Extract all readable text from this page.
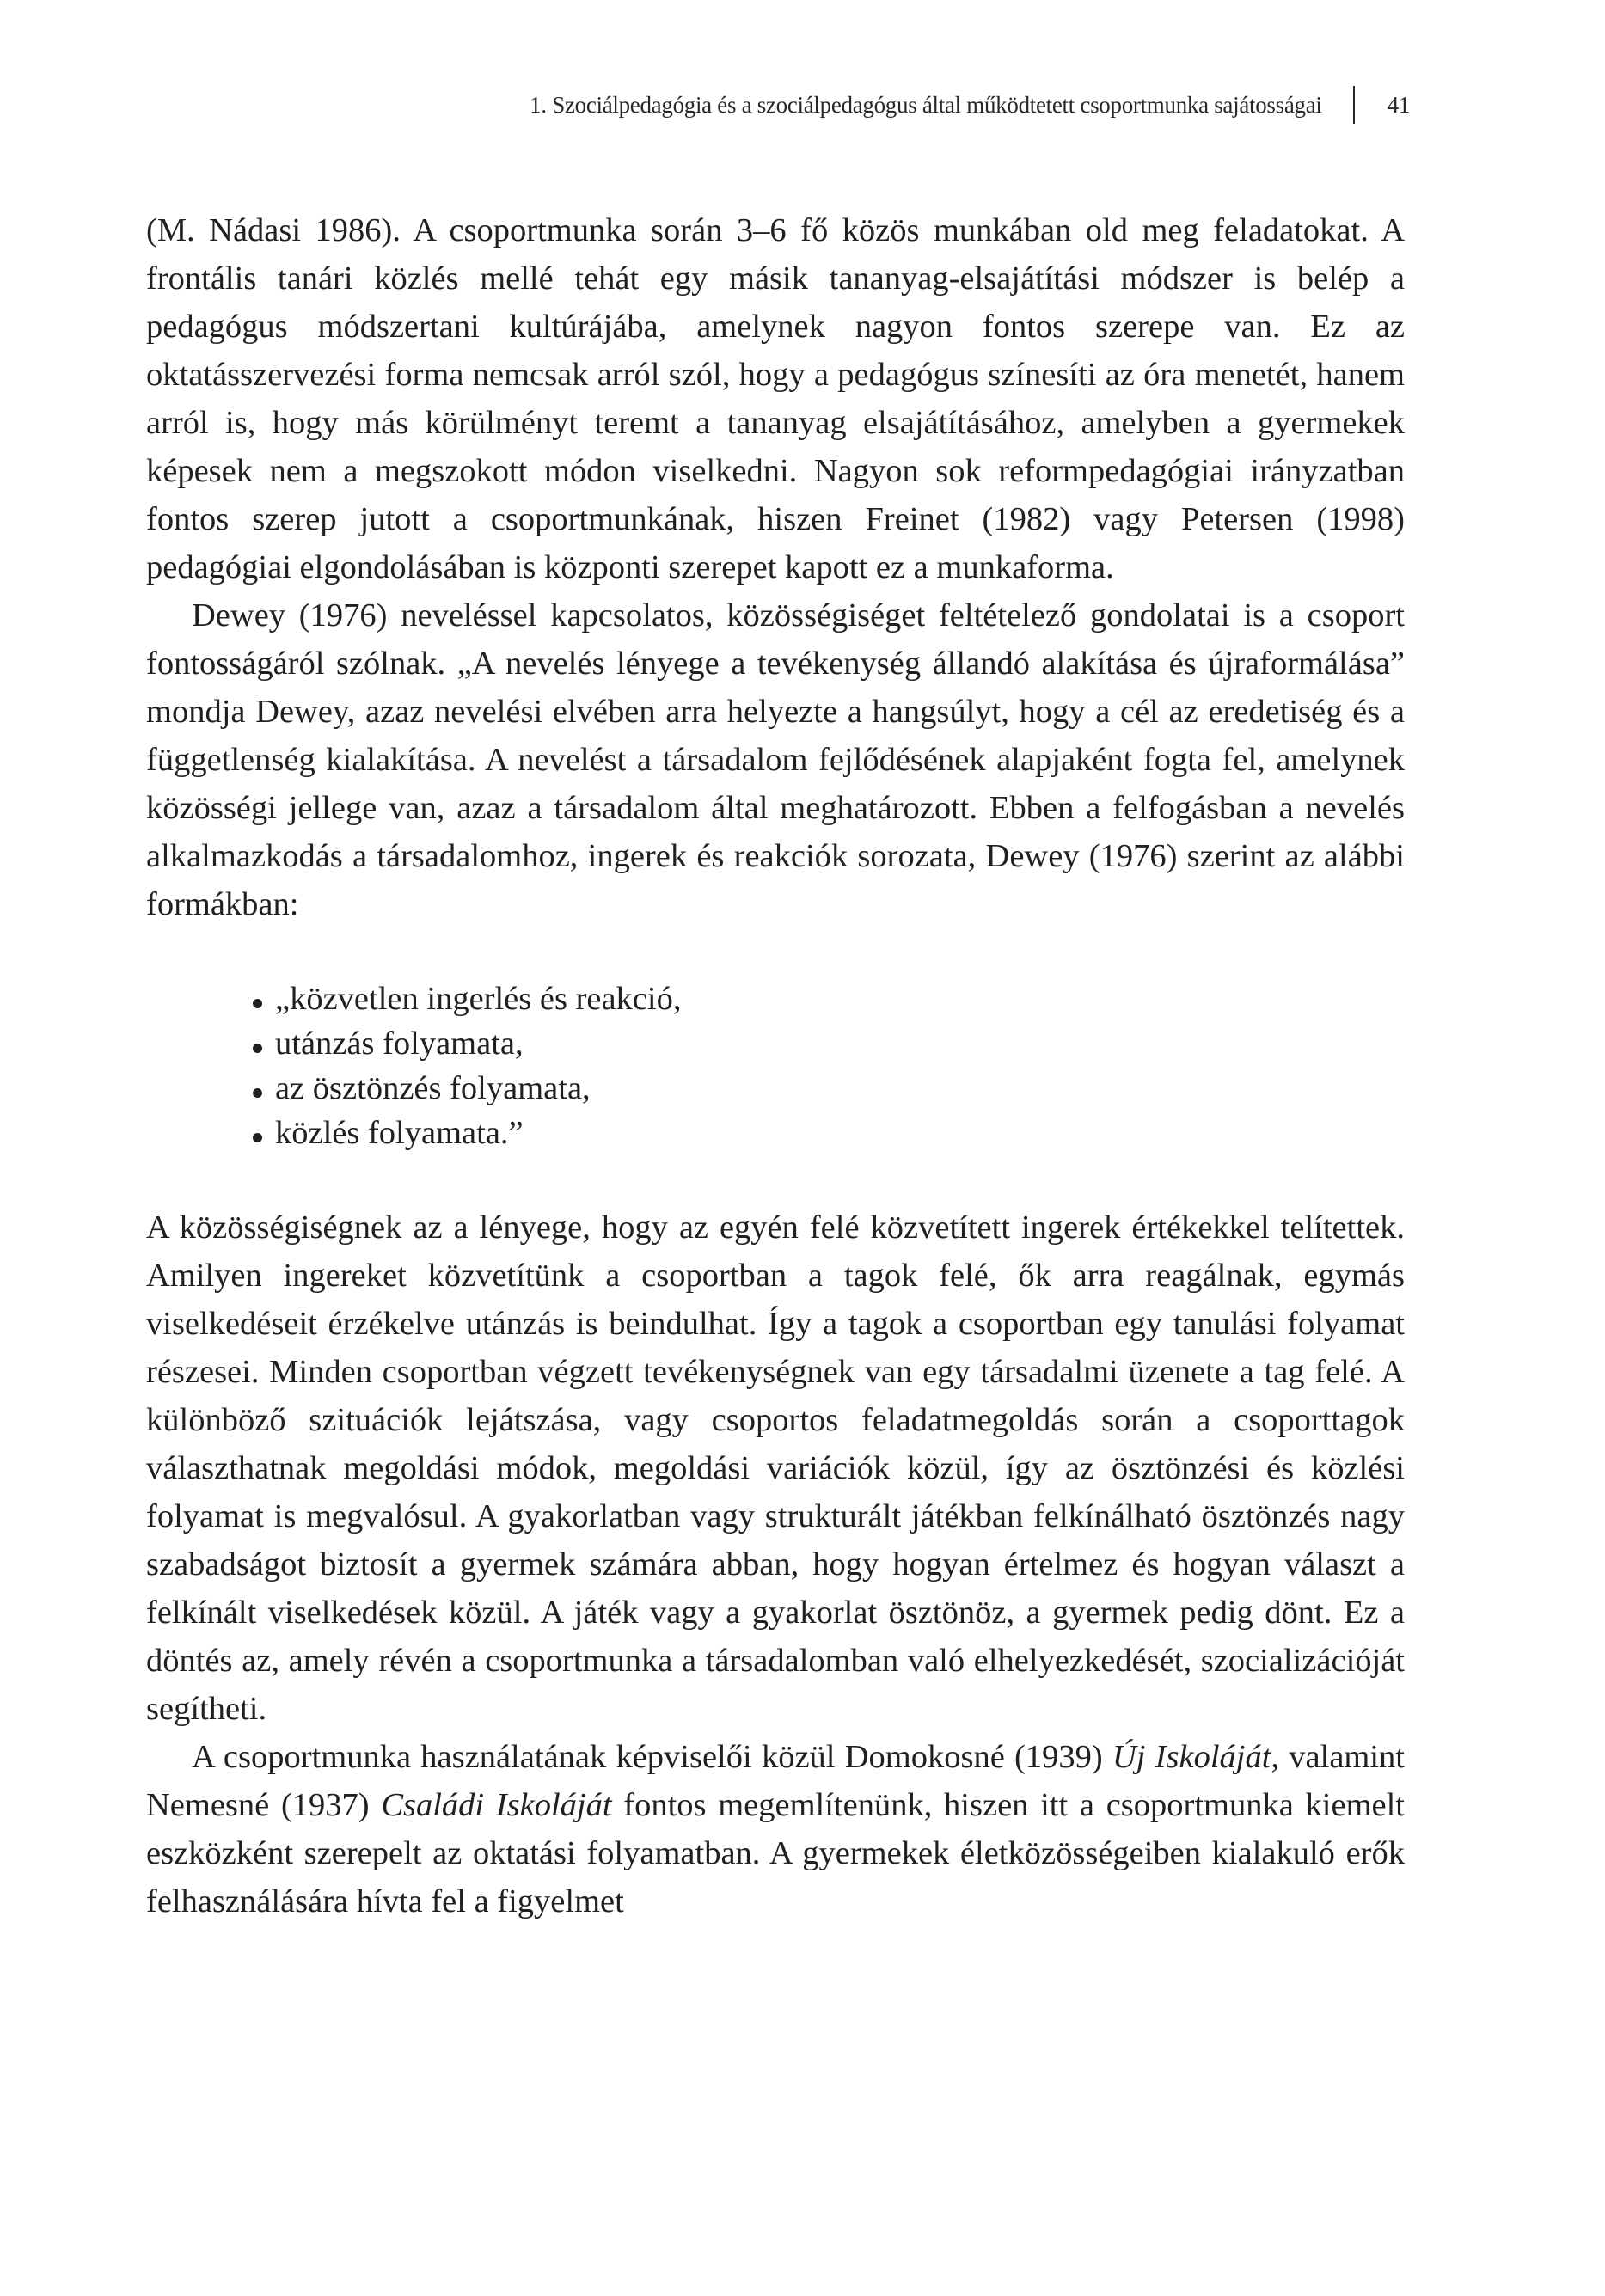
1. Szociálpedagógia és a szociálpedagógus által működtetett csoportmunka sajátosságai	41

(M. Nádasi 1986). A csoportmunka során 3–6 fő közös munkában old meg feladatokat. A frontális tanári közlés mellé tehát egy másik tananyag-elsajátítási módszer is belép a pedagógus módszertani kultúrájába, amelynek nagyon fontos szerepe van. Ez az oktatásszervezési forma nemcsak arról szól, hogy a pedagógus színesíti az óra menetét, hanem arról is, hogy más körülményt teremt a tananyag elsajátításához, amelyben a gyermekek képesek nem a megszokott módon viselkedni. Nagyon sok reformpedagógiai irányzatban fontos szerep jutott a csoportmunkának, hiszen Freinet (1982) vagy Petersen (1998) pedagógiai elgondolásában is központi szerepet kapott ez a munkaforma.

Dewey (1976) neveléssel kapcsolatos, közösségiséget feltételező gondolatai is a csoport fontosságáról szólnak. „A nevelés lényege a tevékenység állandó alakítása és újraformálása” mondja Dewey, azaz nevelési elvében arra helyezte a hangsúlyt, hogy a cél az eredetiség és a függetlenség kialakítása. A nevelést a társadalom fejlődésének alapjaként fogta fel, amelynek közösségi jellege van, azaz a társadalom által meghatározott. Ebben a felfogásban a nevelés alkalmazkodás a társadalomhoz, ingerek és reakciók sorozata, Dewey (1976) szerint az alábbi formákban:

„közvetlen ingerlés és reakció,
utánzás folyamata,
az ösztönzés folyamata,
közlés folyamata.”

A közösségiségnek az a lényege, hogy az egyén felé közvetített ingerek értékekkel telítettek. Amilyen ingereket közvetítünk a csoportban a tagok felé, ők arra reagálnak, egymás viselkedéseit érzékelve utánzás is beindulhat. Így a tagok a csoportban egy tanulási folyamat részesei. Minden csoportban végzett tevékenységnek van egy társadalmi üzenete a tag felé. A különböző szituációk lejátszása, vagy csoportos feladatmegoldás során a csoporttagok választhatnak megoldási módok, megoldási variációk közül, így az ösztönzési és közlési folyamat is megvalósul. A gyakorlatban vagy strukturált játékban felkínálható ösztönzés nagy szabadságot biztosít a gyermek számára abban, hogy hogyan értelmez és hogyan választ a felkínált viselkedések közül. A játék vagy a gyakorlat ösztönöz, a gyermek pedig dönt. Ez a döntés az, amely révén a csoportmunka a társadalomban való elhelyezkedését, szocializációját segítheti.

A csoportmunka használatának képviselői közül Domokosné (1939) Új Iskoláját, valamint Nemesné (1937) Családi Iskoláját fontos megemlítenünk, hiszen itt a csoportmunka kiemelt eszközként szerepelt az oktatási folyamatban. A gyermekek életközösségeiben kialakuló erők felhasználására hívta fel a figyelmet
